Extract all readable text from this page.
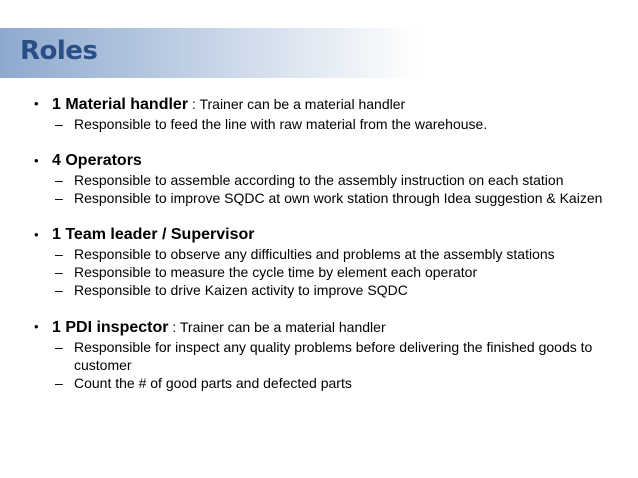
Roles
• 1 Material handler : Trainer can be a material handler
– Responsible to feed the line with raw material from the warehouse.
• 4 Operators
– Responsible to assemble according to the assembly instruction on each station
– Responsible to improve SQDC at own work station through Idea suggestion & Kaizen
• 1 Team leader / Supervisor
– Responsible to observe any difficulties and problems at the assembly stations
– Responsible to measure the cycle time by element each operator
– Responsible to drive Kaizen activity to improve SQDC
• 1 PDI inspector : Trainer can be a material handler
– Responsible for inspect any quality problems before delivering the finished goods to customer
– Count the # of good parts and defected parts
